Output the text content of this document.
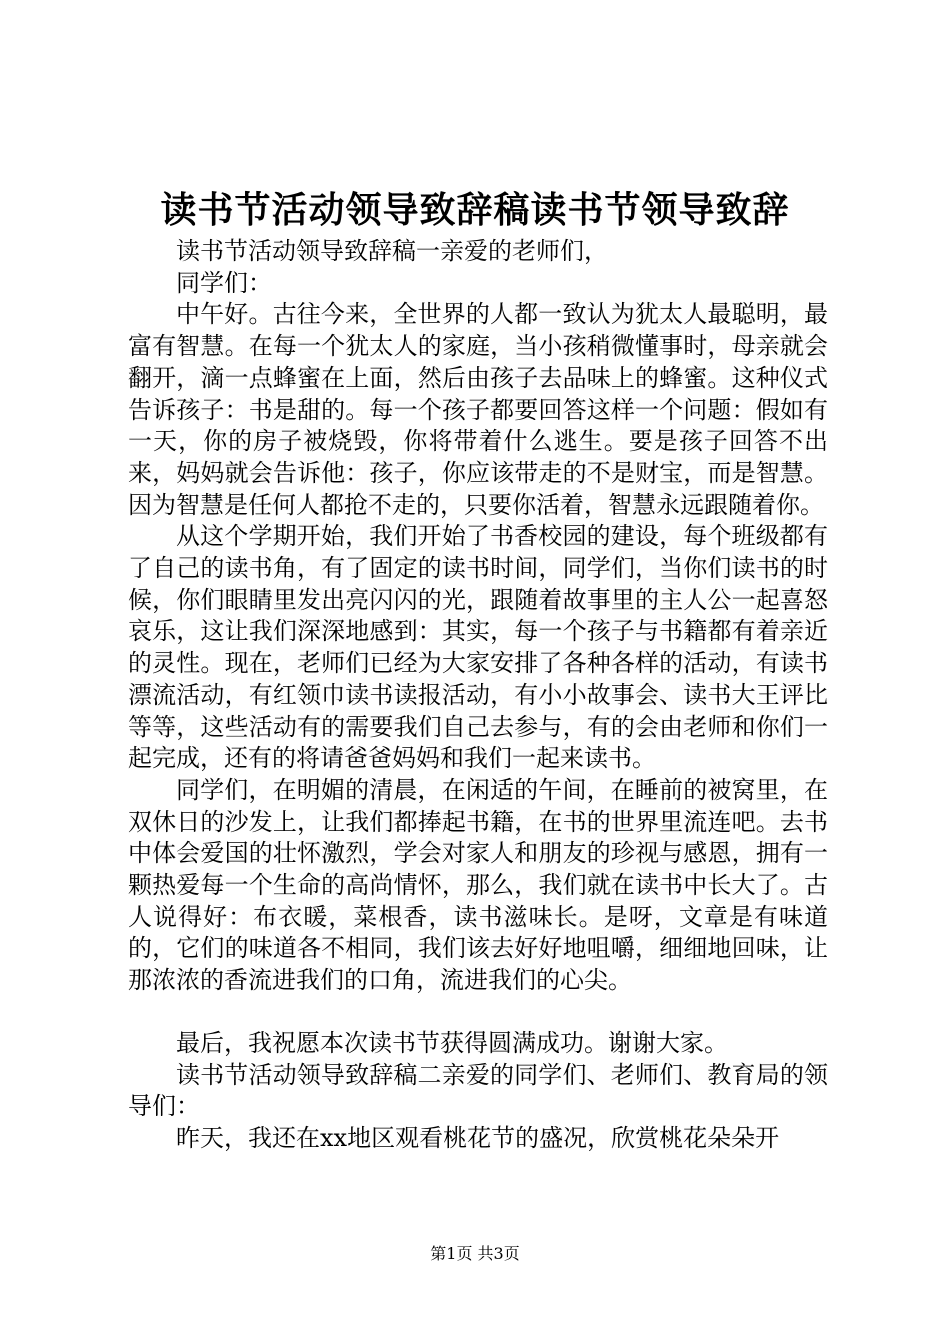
读书节活动领导致辞稿读书节领导致辞

读书节活动领导致辞稿一亲爱的老师们，

同学们：

中午好。古往今来，全世界的人都一致认为犹太人最聪明，最富有智慧。在每一个犹太人的家庭，当小孩稍微懂事时，母亲就会翻开，滴一点蜂蜜在上面，然后由孩子去品味上的蜂蜜。这种仪式告诉孩子：书是甜的。每一个孩子都要回答这样一个问题：假如有一天，你的房子被烧毁，你将带着什么逃生。要是孩子回答不出来，妈妈就会告诉他：孩子，你应该带走的不是财宝，而是智慧。因为智慧是任何人都抢不走的，只要你活着，智慧永远跟随着你。

从这个学期开始，我们开始了书香校园的建设，每个班级都有了自己的读书角，有了固定的读书时间，同学们，当你们读书的时候，你们眼睛里发出亮闪闪的光，跟随着故事里的主人公一起喜怒哀乐，这让我们深深地感到：其实，每一个孩子与书籍都有着亲近的灵性。现在，老师们已经为大家安排了各种各样的活动，有读书漂流活动，有红领巾读书读报活动，有小小故事会、读书大王评比等等，这些活动有的需要我们自己去参与，有的会由老师和你们一起完成，还有的将请爸爸妈妈和我们一起来读书。

同学们，在明媚的清晨，在闲适的午间，在睡前的被窝里，在双休日的沙发上，让我们都捧起书籍，在书的世界里流连吧。去书中体会爱国的壮怀激烈，学会对家人和朋友的珍视与感恩，拥有一颗热爱每一个生命的高尚情怀，那么，我们就在读书中长大了。古人说得好：布衣暖，菜根香，读书滋味长。是呀，文章是有味道的，它们的味道各不相同，我们该去好好地咀嚼，细细地回味，让那浓浓的香流进我们的口角，流进我们的心尖。

最后，我祝愿本次读书节获得圆满成功。谢谢大家。

读书节活动领导致辞稿二亲爱的同学们、老师们、教育局的领导们：

昨天，我还在xx地区观看桃花节的盛况，欣赏桃花朵朵开

第1页 共3页
